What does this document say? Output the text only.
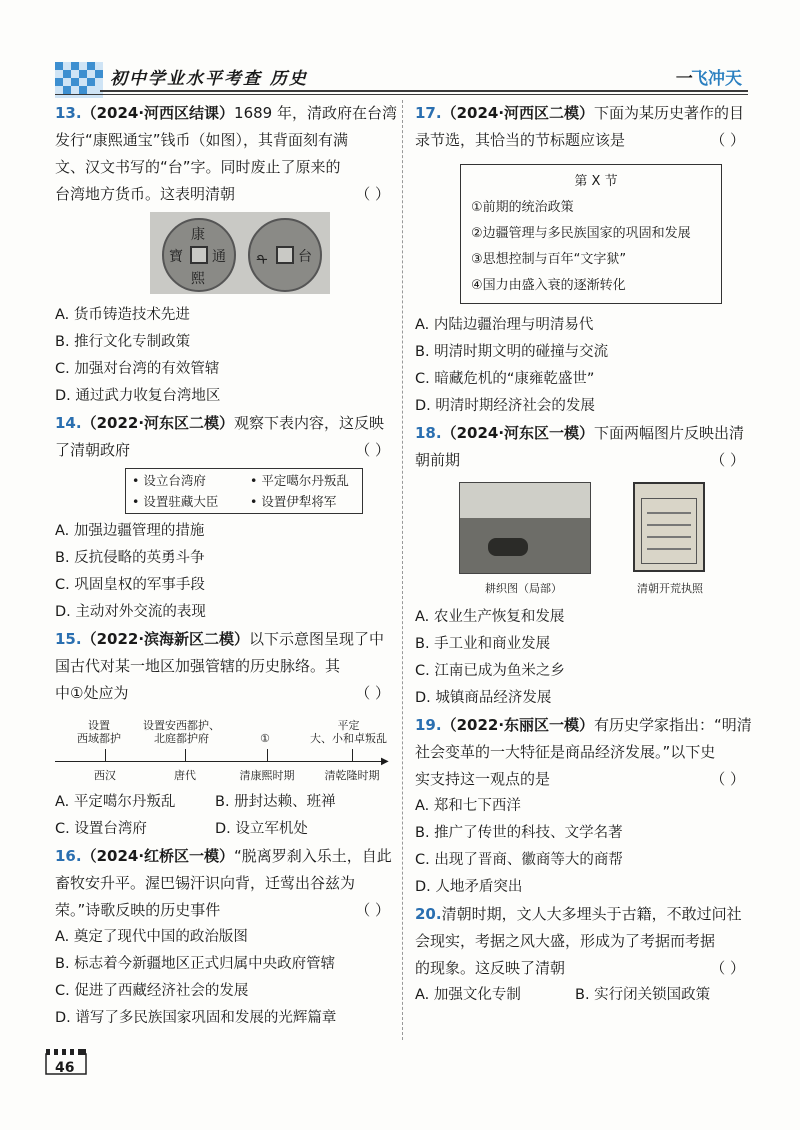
初中学业水平考查 历史	一飞冲天
13.（2024·河西区结课）1689 年，清政府在台湾
发行“康熙通宝”钱币（如图），其背面刻有满
文、汉文书写的“台”字。同时废止了原来的
台湾地方货币。这表明清朝	（ ）
康
通
熙
寶	台
ᡨ
A. 货币铸造技术先进
B. 推行文化专制政策
C. 加强对台湾的有效管辖
D. 通过武力收复台湾地区
14.（2022·河东区二模）观察下表内容，这反映
了清朝政府	（ ）
• 设立台湾府	• 平定噶尔丹叛乱
• 设置驻藏大臣	• 设置伊犁将军
A. 加强边疆管理的措施
B. 反抗侵略的英勇斗争
C. 巩固皇权的军事手段
D. 主动对外交流的表现
15.（2022·滨海新区二模）以下示意图呈现了中
国古代对某一地区加强管辖的历史脉络。其
中①处应为	（ ）
▶
设置
西域都护
设置安西都护、
北庭都护府	①
平定
大、小和卓叛乱
西汉	唐代	清康熙时期	清乾隆时期
A. 平定噶尔丹叛乱	B. 册封达赖、班禅
C. 设置台湾府	D. 设立军机处
16.（2024·红桥区一模）“脱离罗刹入乐土，自此
畜牧安升平。渥巴锡汗识向背，迁莺出谷兹为
荣。”诗歌反映的历史事件	（ ）
A. 奠定了现代中国的政治版图
B. 标志着今新疆地区正式归属中央政府管辖
C. 促进了西藏经济社会的发展
D. 谱写了多民族国家巩固和发展的光辉篇章
17.（2024·河西区二模）下面为某历史著作的目
录节选，其恰当的节标题应该是	（ ）
第 X 节
①前期的统治政策
②边疆管理与多民族国家的巩固和发展
③思想控制与百年“文字狱”
④国力由盛入衰的逐渐转化
A. 内陆边疆治理与明清易代
B. 明清时期文明的碰撞与交流
C. 暗藏危机的“康雍乾盛世”
D. 明清时期经济社会的发展
18.（2024·河东区一模）下面两幅图片反映出清
朝前期	（ ）
耕织图（局部）	清朝开荒执照
A. 农业生产恢复和发展
B. 手工业和商业发展
C. 江南已成为鱼米之乡
D. 城镇商品经济发展
19.（2022·东丽区一模）有历史学家指出：“明清
社会变革的一大特征是商品经济发展。”以下史
实支持这一观点的是	（ ）
A. 郑和七下西洋
B. 推广了传世的科技、文学名著
C. 出现了晋商、徽商等大的商帮
D. 人地矛盾突出
20.清朝时期，文人大多埋头于古籍，不敢过问社
会现实，考据之风大盛，形成为了考据而考据
的现象。这反映了清朝	（ ）
A. 加强文化专制	B. 实行闭关锁国政策
46
